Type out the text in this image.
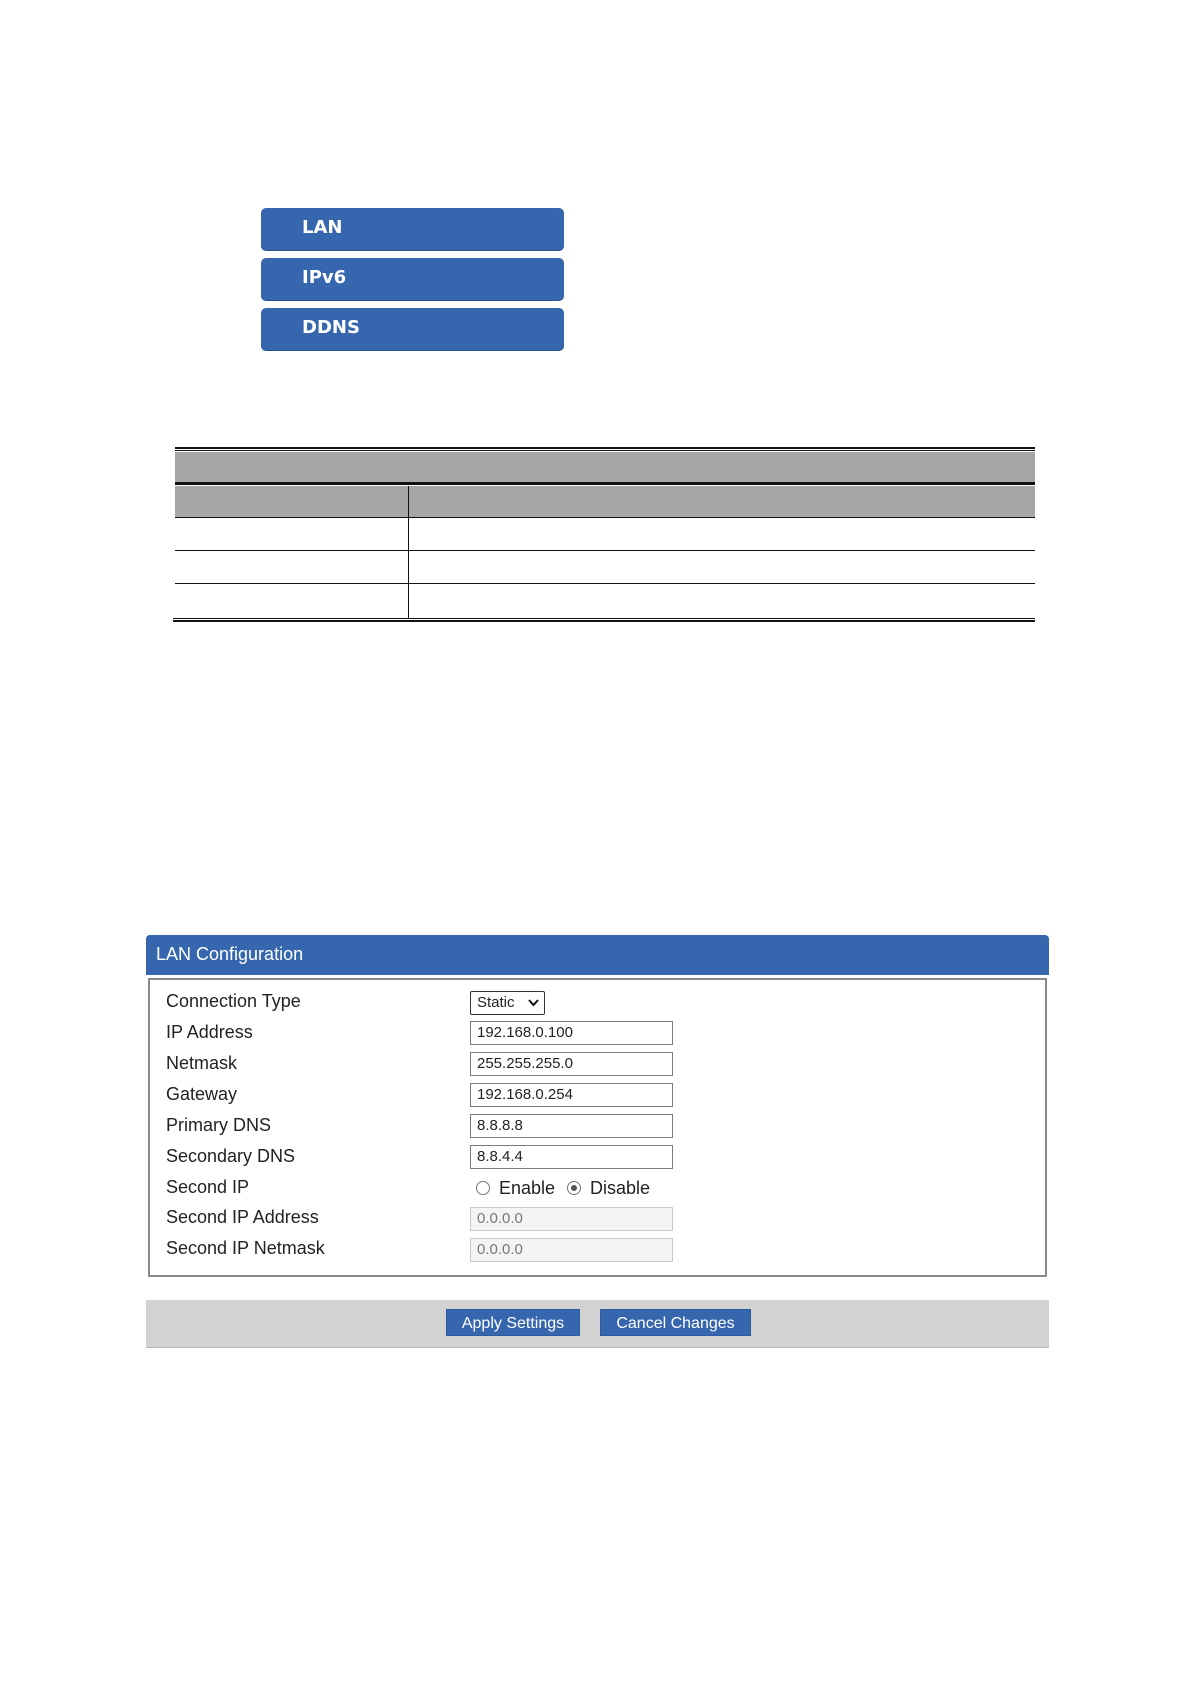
LAN
IPv6
DDNS
LAN Configuration
Connection Type	Static
IP Address	192.168.0.100
Netmask	255.255.255.0
Gateway	192.168.0.254
Primary DNS	8.8.8.8
Secondary DNS	8.8.4.4
Second IP	Enable Disable
Second IP Address	0.0.0.0
Second IP Netmask	0.0.0.0
Apply Settings	Cancel Changes
